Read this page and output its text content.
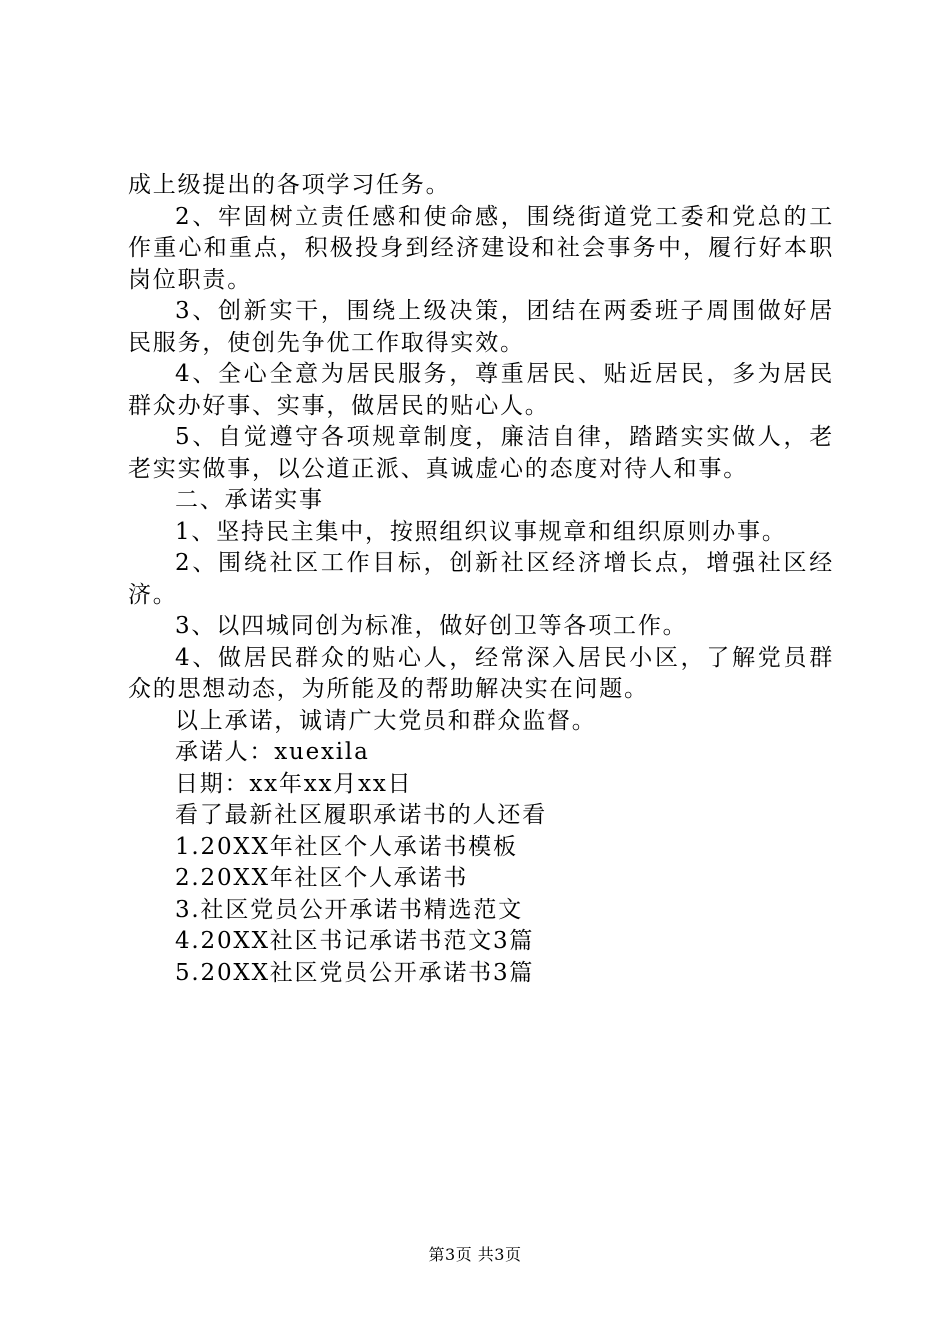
成上级提出的各项学习任务。

2、牢固树立责任感和使命感，围绕街道党工委和党总的工作重心和重点，积极投身到经济建设和社会事务中，履行好本职岗位职责。

3、创新实干，围绕上级决策，团结在两委班子周围做好居民服务，使创先争优工作取得实效。

4、全心全意为居民服务，尊重居民、贴近居民，多为居民群众办好事、实事，做居民的贴心人。

5、自觉遵守各项规章制度，廉洁自律，踏踏实实做人，老老实实做事，以公道正派、真诚虚心的态度对待人和事。

二、承诺实事

1、坚持民主集中，按照组织议事规章和组织原则办事。

2、围绕社区工作目标，创新社区经济增长点，增强社区经济。

3、以四城同创为标准，做好创卫等各项工作。

4、做居民群众的贴心人，经常深入居民小区，了解党员群众的思想动态，为所能及的帮助解决实在问题。

以上承诺，诚请广大党员和群众监督。

承诺人：xuexila

日期：xx年xx月xx日

看了最新社区履职承诺书的人还看

1.20XX年社区个人承诺书模板

2.20XX年社区个人承诺书

3.社区党员公开承诺书精选范文

4.20XX社区书记承诺书范文3篇

5.20XX社区党员公开承诺书3篇

第3页 共3页
